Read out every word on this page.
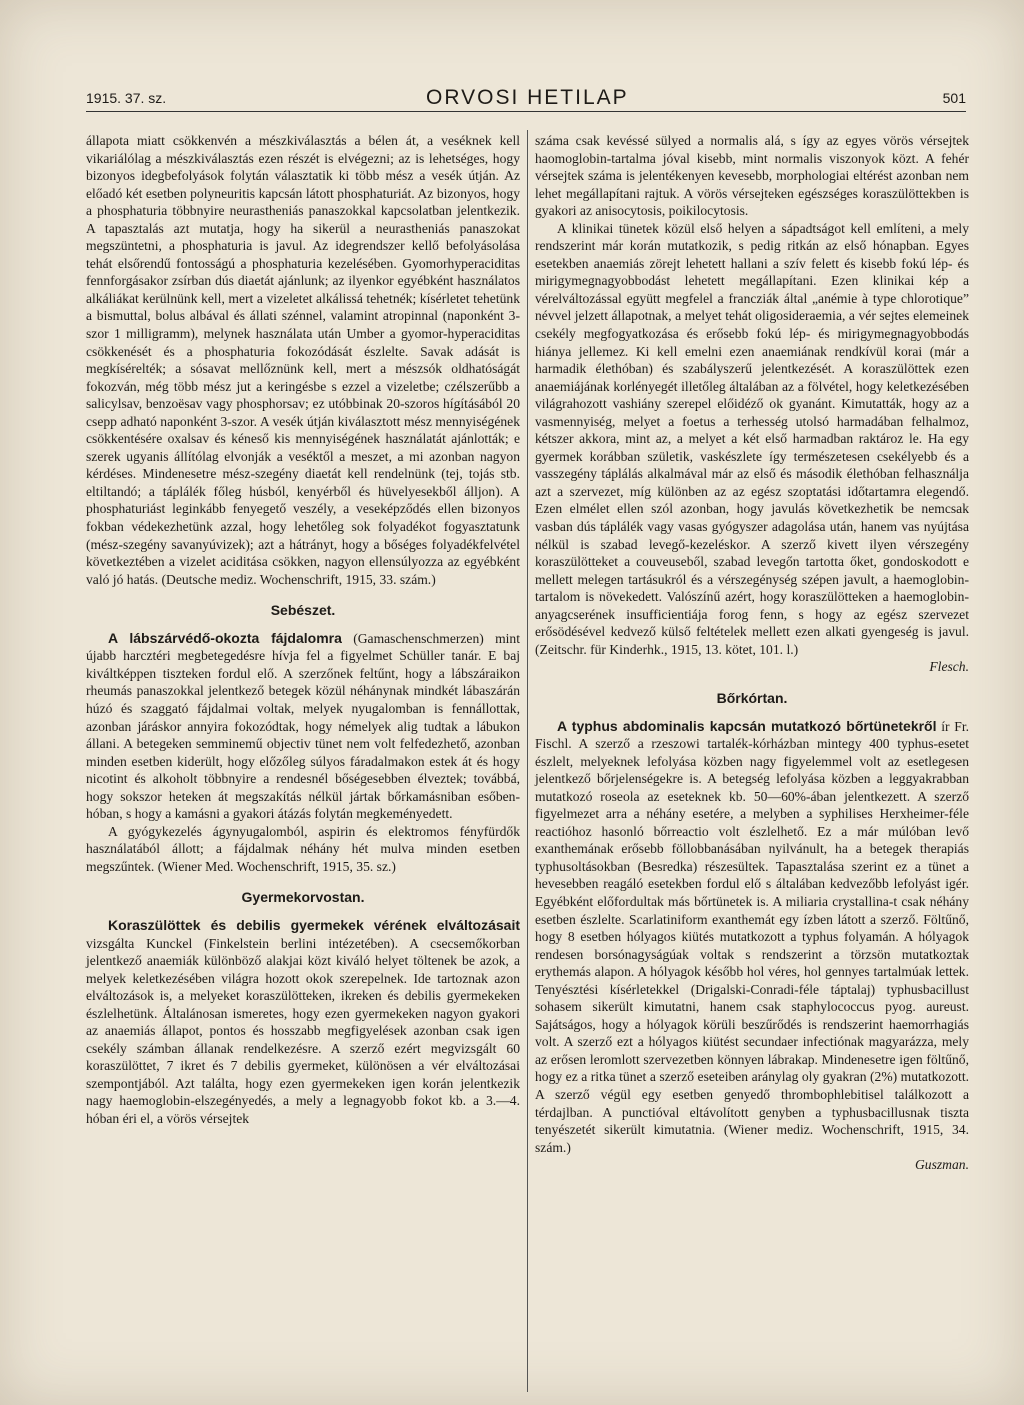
1915. 37. sz.	ORVOSI HETILAP	501

állapota miatt csökkenvén a mészkiválasztás a bélen át, a veséknek kell vikariálólag a mészkiválasztás ezen részét is elvégezni; az is lehetséges, hogy bizonyos idegbefolyások folytán választatik ki több mész a vesék útján. Az előadó két esetben polyneuritis kapcsán látott phosphaturiát. Az bizonyos, hogy a phosphaturia többnyire neurastheniás panaszokkal kapcsolatban jelentkezik. A tapasztalás azt mutatja, hogy ha sikerül a neurastheniás panaszokat megszüntetni, a phosphaturia is javul. Az idegrendszer kellő befolyásolása tehát elsőrendű fontosságú a phosphaturia kezelésében. Gyomorhyperaciditas fennforgásakor zsírban dús diaetát ajánlunk; az ilyenkor egyébként használatos alkáliákat kerülnünk kell, mert a vizeletet alkálissá tehetnék; kísérletet tehetünk a bismuttal, bolus albával és állati szénnel, valamint atropinnal (naponként 3-szor 1 milligramm), melynek használata után Umber a gyomor-hyperaciditas csökkenését és a phosphaturia fokozódását észlelte. Savak adását is megkísérelték; a sósavat mellőznünk kell, mert a mészsók oldhatóságát fokozván, még több mész jut a keringésbe s ezzel a vizeletbe; czélszerűbb a salicylsav, benzoësav vagy phosphorsav; ez utóbbinak 20-szoros hígításából 20 csepp adható naponként 3-szor. A vesék útján kiválasztott mész mennyiségének csökkentésére oxalsav és kéneső kis mennyiségének használatát ajánlották; e szerek ugyanis állítólag elvonják a veséktől a meszet, a mi azonban nagyon kérdéses. Mindenesetre mész-szegény diaetát kell rendelnünk (tej, tojás stb. eltiltandó; a táplálék főleg húsból, kenyérből és hüvelyesekből álljon). A phosphaturiást leginkább fenyegető veszély, a veseképződés ellen bizonyos fokban védekezhetünk azzal, hogy lehetőleg sok folyadékot fogyasztatunk (mész-szegény savanyúvizek); azt a hátrányt, hogy a bőséges folyadékfelvétel következtében a vizelet aciditása csökken, nagyon ellensúlyozza az egyébként való jó hatás. (Deutsche mediz. Wochenschrift, 1915, 33. szám.)

Sebészet.

A lábszárvédő-okozta fájdalomra (Gamaschenschmerzen) mint újabb harcztéri megbetegedésre hívja fel a figyelmet Schüller tanár. E baj kiváltképpen tiszteken fordul elő. A szerzőnek feltűnt, hogy a lábszáraikon rheumás panaszokkal jelentkező betegek közül néhánynak mindkét lábaszárán húzó és szaggató fájdalmai voltak, melyek nyugalomban is fennállottak, azonban járáskor annyira fokozódtak, hogy némelyek alig tudtak a lábukon állani. A betegeken semminemű objectiv tünet nem volt felfedezhető, azonban minden esetben kiderült, hogy előzőleg súlyos fáradalmakon estek át és hogy nicotint és alkoholt többnyire a rendesnél bőségesebben élveztek; továbbá, hogy sokszor heteken át megszakítás nélkül jártak bőrkamásniban esőben-hóban, s hogy a kamásni a gyakori átázás folytán megkeményedett.

A gyógykezelés ágynyugalomból, aspirin és elektromos fényfürdők használatából állott; a fájdalmak néhány hét mulva minden esetben megszűntek. (Wiener Med. Wochenschrift, 1915, 35. sz.)

Gyermekorvostan.

Koraszülöttek és debilis gyermekek vérének elváltozásait vizsgálta Kunckel (Finkelstein berlini intézetében). A csecsemőkorban jelentkező anaemiák különböző alakjai közt kiváló helyet töltenek be azok, a melyek keletkezésében világra hozott okok szerepelnek. Ide tartoznak azon elváltozások is, a melyeket koraszülötteken, ikreken és debilis gyermekeken észlelhetünk. Általánosan ismeretes, hogy ezen gyermekeken nagyon gyakori az anaemiás állapot, pontos és hosszabb megfigyelések azonban csak igen csekély számban állanak rendelkezésre. A szerző ezért megvizsgált 60 koraszülöttet, 7 ikret és 7 debilis gyermeket, különösen a vér elváltozásai szempontjából. Azt találta, hogy ezen gyermekeken igen korán jelentkezik nagy haemoglobin-elszegényedés, a mely a legnagyobb fokot kb. a 3.—4. hóban éri el, a vörös vérsejtek

száma csak kevéssé sülyed a normalis alá, s így az egyes vörös vérsejtek haomoglobin-tartalma jóval kisebb, mint normalis viszonyok közt. A fehér vérsejtek száma is jelentékenyen kevesebb, morphologiai eltérést azonban nem lehet megállapítani rajtuk. A vörös vérsejteken egészséges koraszülöttekben is gyakori az anisocytosis, poikilocytosis.

A klinikai tünetek közül első helyen a sápadtságot kell említeni, a mely rendszerint már korán mutatkozik, s pedig ritkán az első hónapban. Egyes esetekben anaemiás zörejt lehetett hallani a szív felett és kisebb fokú lép- és mirigymegnagyobbodást lehetett megállapítani. Ezen klinikai kép a vérelváltozással együtt megfelel a francziák által „anémie à type chlorotique” névvel jelzett állapotnak, a melyet tehát oligosideraemia, a vér sejtes elemeinek csekély megfogyatkozása és erősebb fokú lép- és mirigymegnagyobbodás hiánya jellemez. Ki kell emelni ezen anaemiának rendkívül korai (már a harmadik élethóban) és szabályszerű jelentkezését. A koraszülöttek ezen anaemiájának korlényegét illetőleg általában az a fölvétel, hogy keletkezésében világrahozott vashiány szerepel előidéző ok gyanánt. Kimutatták, hogy az a vasmennyiség, melyet a foetus a terhesség utolsó harmadában felhalmoz, kétszer akkora, mint az, a melyet a két első harmadban raktároz le. Ha egy gyermek korábban születik, vaskészlete így természetesen csekélyebb és a vasszegény táplálás alkalmával már az első és második élethóban felhasználja azt a szervezet, míg különben az az egész szoptatási időtartamra elegendő. Ezen elmélet ellen szól azonban, hogy javulás következhetik be nemcsak vasban dús táplálék vagy vasas gyógyszer adagolása után, hanem vas nyújtása nélkül is szabad levegő-kezeléskor. A szerző kivett ilyen vérszegény koraszülötteket a couveuseből, szabad levegőn tartotta őket, gondoskodott e mellett melegen tartásukról és a vérszegénység szépen javult, a haemoglobin-tartalom is növekedett. Valószínű azért, hogy koraszülötteken a haemoglobin-anyagcserének insufficientiája forog fenn, s hogy az egész szervezet erősödésével kedvező külső feltételek mellett ezen alkati gyengeség is javul. (Zeitschr. für Kinderhk., 1915, 13. kötet, 101. l.)

Flesch.
Bőrkórtan.

A typhus abdominalis kapcsán mutatkozó bőrtünetekről ír Fr. Fischl. A szerző a rzeszowi tartalék-kórházban mintegy 400 typhus-esetet észlelt, melyeknek lefolyása közben nagy figyelemmel volt az esetlegesen jelentkező bőrjelenségekre is. A betegség lefolyása közben a leggyakrabban mutatkozó roseola az eseteknek kb. 50—60%-ában jelentkezett. A szerző figyelmezet arra a néhány esetére, a melyben a syphilises Herxheimer-féle reactióhoz hasonló bőrreactio volt észlelhető. Ez a már múlóban levő exanthemának erősebb föllobbanásában nyilvánult, ha a betegek therapiás typhusoltásokban (Besredka) részesültek. Tapasztalása szerint ez a tünet a hevesebben reagáló esetekben fordul elő s általában kedvezőbb lefolyást igér. Egyébként előfordultak más bőrtünetek is. A miliaria crystallina-t csak néhány esetben észlelte. Scarlatiniform exanthemát egy ízben látott a szerző. Föltűnő, hogy 8 esetben hólyagos kiütés mutatkozott a typhus folyamán. A hólyagok rendesen borsónagyságúak voltak s rendszerint a törzsön mutatkoztak erythemás alapon. A hólyagok később hol véres, hol gennyes tartalmúak lettek. Tenyésztési kísérletekkel (Drigalski-Conradi-féle táptalaj) typhusbacillust sohasem sikerült kimutatni, hanem csak staphylococcus pyog. aureust. Sajátságos, hogy a hólyagok körüli beszűrődés is rendszerint haemorrhagiás volt. A szerző ezt a hólyagos kiütést secundaer infectiónak magyarázza, mely az erősen leromlott szervezetben könnyen lábrakap. Mindenesetre igen föltűnő, hogy ez a ritka tünet a szerző eseteiben aránylag oly gyakran (2%) mutatkozott. A szerző végül egy esetben genyedő thrombophlebitisel találkozott a térdajlban. A punctióval eltávolított genyben a typhusbacillusnak tiszta tenyészetét sikerült kimutatnia. (Wiener mediz. Wochenschrift, 1915, 34. szám.)

Guszman.
